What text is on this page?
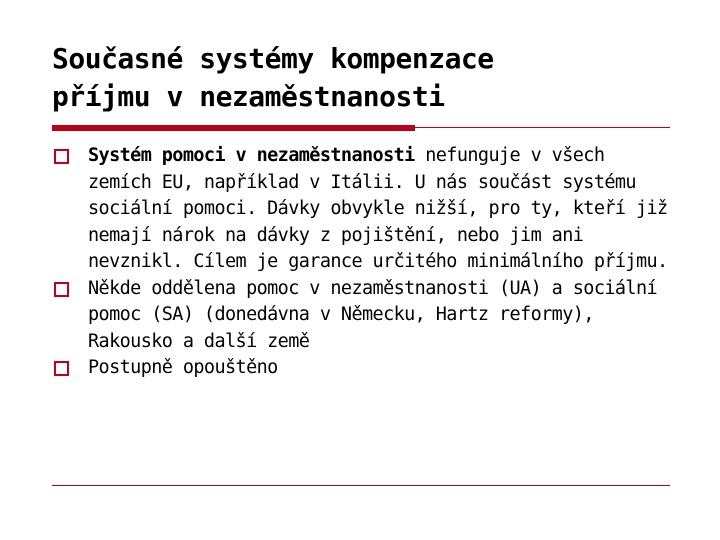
Současné systémy kompenzace
příjmu v nezaměstnanosti
Systém pomoci v nezaměstnanosti nefunguje v všech zemích EU, například v Itálii. U nás součást systému sociální pomoci. Dávky obvykle nižší, pro ty, kteří již nemají nárok na dávky z pojištění, nebo jim ani nevznikl. Cílem je garance určitého minimálního příjmu.
Někde oddělena pomoc v nezaměstnanosti (UA) a sociální pomoc (SA) (donedávna v Německu, Hartz reformy), Rakousko a další země
Postupně opouštěno
